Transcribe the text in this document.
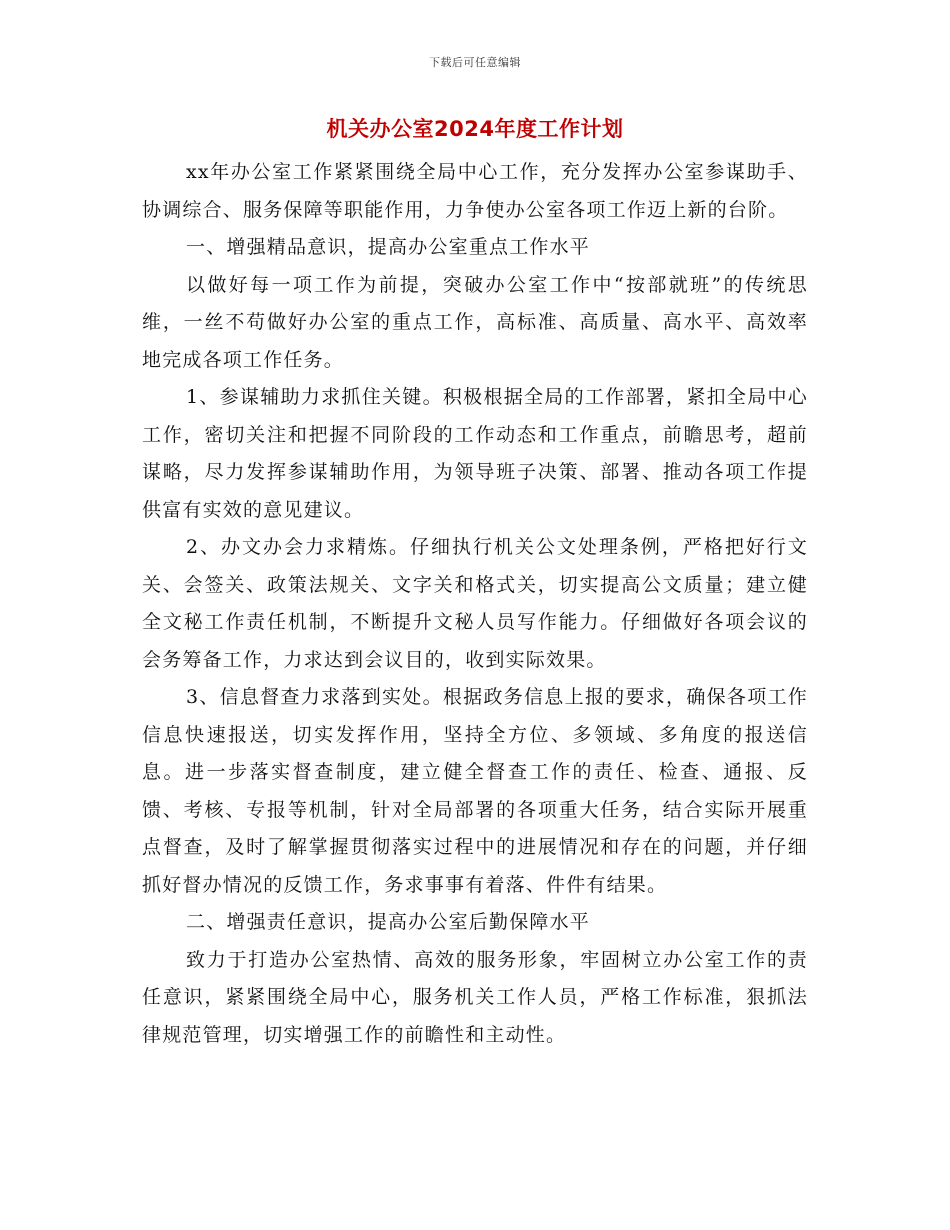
下载后可任意编辑
机关办公室2024年度工作计划

xx年办公室工作紧紧围绕全局中心工作，充分发挥办公室参谋助手、协调综合、服务保障等职能作用，力争使办公室各项工作迈上新的台阶。

一、增强精品意识，提高办公室重点工作水平

以做好每一项工作为前提，突破办公室工作中“按部就班”的传统思维，一丝不苟做好办公室的重点工作，高标准、高质量、高水平、高效率地完成各项工作任务。

1、参谋辅助力求抓住关键。积极根据全局的工作部署，紧扣全局中心工作，密切关注和把握不同阶段的工作动态和工作重点，前瞻思考，超前谋略，尽力发挥参谋辅助作用，为领导班子决策、部署、推动各项工作提供富有实效的意见建议。

2、办文办会力求精炼。仔细执行机关公文处理条例，严格把好行文关、会签关、政策法规关、文字关和格式关，切实提高公文质量；建立健全文秘工作责任机制，不断提升文秘人员写作能力。仔细做好各项会议的会务筹备工作，力求达到会议目的，收到实际效果。

3、信息督查力求落到实处。根据政务信息上报的要求，确保各项工作信息快速报送，切实发挥作用，坚持全方位、多领域、多角度的报送信息。进一步落实督查制度，建立健全督查工作的责任、检查、通报、反馈、考核、专报等机制，针对全局部署的各项重大任务，结合实际开展重点督查，及时了解掌握贯彻落实过程中的进展情况和存在的问题，并仔细抓好督办情况的反馈工作，务求事事有着落、件件有结果。

二、增强责任意识，提高办公室后勤保障水平

致力于打造办公室热情、高效的服务形象，牢固树立办公室工作的责任意识，紧紧围绕全局中心，服务机关工作人员，严格工作标准，狠抓法律规范管理，切实增强工作的前瞻性和主动性。
